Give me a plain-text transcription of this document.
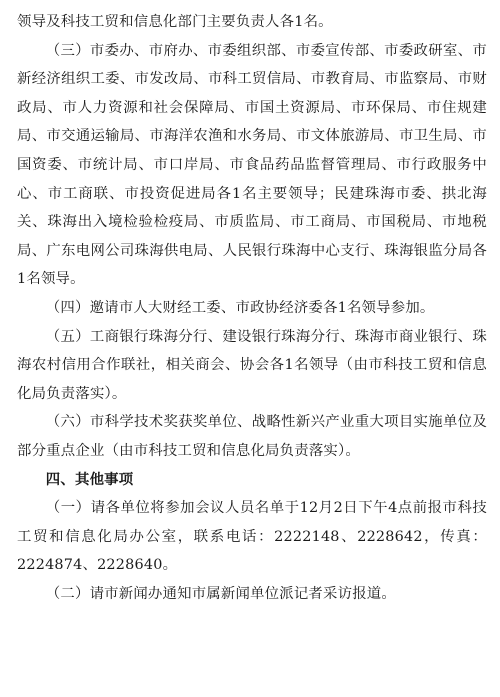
领导及科技工贸和信息化部门主要负责人各1名。

（三）市委办、市府办、市委组织部、市委宣传部、市委政研室、市新经济组织工委、市发改局、市科工贸信局、市教育局、市监察局、市财政局、市人力资源和社会保障局、市国土资源局、市环保局、市住规建局、市交通运输局、市海洋农渔和水务局、市文体旅游局、市卫生局、市国资委、市统计局、市口岸局、市食品药品监督管理局、市行政服务中心、市工商联、市投资促进局各1名主要领导；民建珠海市委、拱北海关、珠海出入境检验检疫局、市质监局、市工商局、市国税局、市地税局、广东电网公司珠海供电局、人民银行珠海中心支行、珠海银监分局各1名领导。

（四）邀请市人大财经工委、市政协经济委各1名领导参加。

（五）工商银行珠海分行、建设银行珠海分行、珠海市商业银行、珠海农村信用合作联社，相关商会、协会各1名领导（由市科技工贸和信息化局负责落实）。

（六）市科学技术奖获奖单位、战略性新兴产业重大项目实施单位及部分重点企业（由市科技工贸和信息化局负责落实）。

四、其他事项

（一）请各单位将参加会议人员名单于12月2日下午4点前报市科技工贸和信息化局办公室，联系电话：2222148、2228642，传真：2224874、2228640。

（二）请市新闻办通知市属新闻单位派记者采访报道。
